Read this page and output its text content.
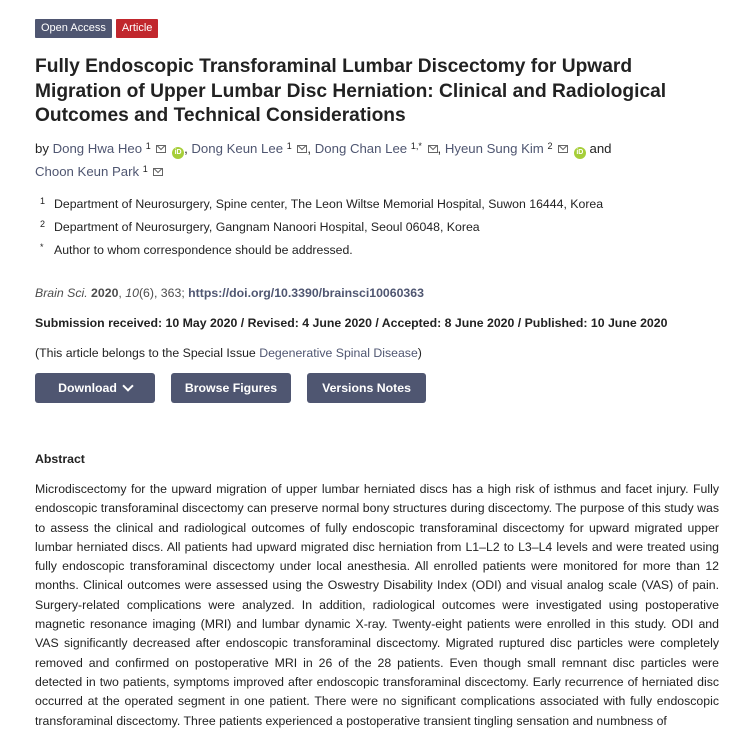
Open Access	Article
Fully Endoscopic Transforaminal Lumbar Discectomy for Upward Migration of Upper Lumbar Disc Herniation: Clinical and Radiological Outcomes and Technical Considerations
by Dong Hwa Heo $^1$  iD , Dong Keun Lee $^1$ , Dong Chan Lee $^{1,*}$ , Hyeun Sung Kim $^2$  iD and
Choon Keun Park $^1$
1 Department of Neurosurgery, Spine center, The Leon Wiltse Memorial Hospital, Suwon 16444, Korea
2 Department of Neurosurgery, Gangnam Nanoori Hospital, Seoul 06048, Korea
* Author to whom correspondence should be addressed.
Brain Sci. 2020, 10(6), 363; https://doi.org/10.3390/brainsci10060363
Submission received: 10 May 2020 / Revised: 4 June 2020 / Accepted: 8 June 2020 / Published: 10 June 2020
(This article belongs to the Special Issue Degenerative Spinal Disease)
Download	Browse Figures	Versions Notes
Abstract
Microdiscectomy for the upward migration of upper lumbar herniated discs has a high risk of isthmus and facet injury. Fully endoscopic transforaminal discectomy can preserve normal bony structures during discectomy. The purpose of this study was to assess the clinical and radiological outcomes of fully endoscopic transforaminal discectomy for upward migrated upper lumbar herniated discs. All patients had upward migrated disc herniation from L1–L2 to L3–L4 levels and were treated using fully endoscopic transforaminal discectomy under local anesthesia. All enrolled patients were monitored for more than 12 months. Clinical outcomes were assessed using the Oswestry Disability Index (ODI) and visual analog scale (VAS) of pain. Surgery-related complications were analyzed. In addition, radiological outcomes were investigated using postoperative magnetic resonance imaging (MRI) and lumbar dynamic X-ray. Twenty-eight patients were enrolled in this study. ODI and VAS significantly decreased after endoscopic transforaminal discectomy. Migrated ruptured disc particles were completely removed and confirmed on postoperative MRI in 26 of the 28 patients. Even though small remnant disc particles were detected in two patients, symptoms improved after endoscopic transforaminal discectomy. Early recurrence of herniated disc occurred at the operated segment in one patient. There were no significant complications associated with fully endoscopic transforaminal discectomy. Three patients experienced a postoperative transient tingling sensation and numbness of
